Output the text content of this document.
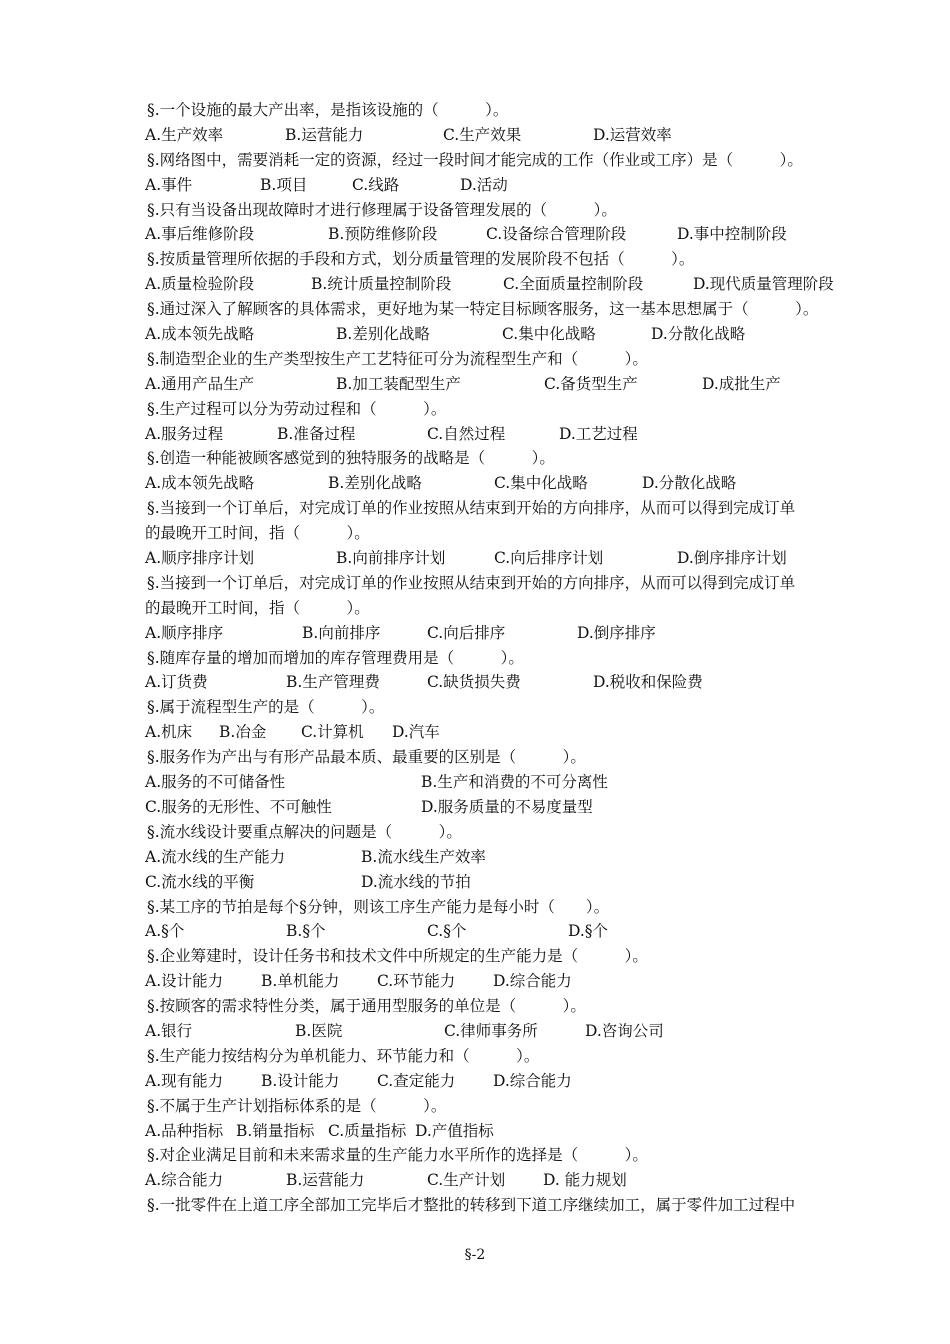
§.一个设施的最大产出率，是指该设施的（　　　）。
A.生产效率	B.运营能力	C.生产效果	D.运营效率
§.网络图中，需要消耗一定的资源，经过一段时间才能完成的工作（作业或工序）是（　　　）。
A.事件	B.项目	C.线路	D.活动
§.只有当设备出现故障时才进行修理属于设备管理发展的（　　　）。
A.事后维修阶段	B.预防维修阶段	C.设备综合管理阶段	D.事中控制阶段
§.按质量管理所依据的手段和方式，划分质量管理的发展阶段不包括（　　　）。
A.质量检验阶段	B.统计质量控制阶段	C.全面质量控制阶段	D.现代质量管理阶段
§.通过深入了解顾客的具体需求，更好地为某一特定目标顾客服务，这一基本思想属于（　　　）。
A.成本领先战略	B.差别化战略	C.集中化战略	D.分散化战略
§.制造型企业的生产类型按生产工艺特征可分为流程型生产和（　　　）。
A.通用产品生产	B.加工装配型生产	C.备货型生产	D.成批生产
§.生产过程可以分为劳动过程和（　　　）。
A.服务过程	B.准备过程	C.自然过程	D.工艺过程
§.创造一种能被顾客感觉到的独特服务的战略是（　　　）。
A.成本领先战略	B.差别化战略	C.集中化战略	D.分散化战略
§.当接到一个订单后，对完成订单的作业按照从结束到开始的方向排序，从而可以得到完成订单
的最晚开工时间，指（　　　）。
A.顺序排序计划	B.向前排序计划	C.向后排序计划	D.倒序排序计划
§.当接到一个订单后，对完成订单的作业按照从结束到开始的方向排序，从而可以得到完成订单
的最晚开工时间，指（　　　）。
A.顺序排序	B.向前排序	C.向后排序	D.倒序排序
§.随库存量的增加而增加的库存管理费用是（　　　）。
A.订货费	B.生产管理费	C.缺货损失费	D.税收和保险费
§.属于流程型生产的是（　　　）。
A.机床 B.冶金 C.计算机 D.汽车
§.服务作为产出与有形产品最本质、最重要的区别是（　　　）。
A.服务的不可储备性	B.生产和消费的不可分离性
C.服务的无形性、不可触性	D.服务质量的不易度量型
§.流水线设计要重点解决的问题是（　　　）。
A.流水线的生产能力	B.流水线生产效率
C.流水线的平衡	D.流水线的节拍
§.某工序的节拍是每个§分钟，则该工序生产能力是每小时（　　）。
A.§个	B.§个	C.§个	D.§个
§.企业筹建时，设计任务书和技术文件中所规定的生产能力是（　　　）。
A.设计能力 B.单机能力 C.环节能力 D.综合能力
§.按顾客的需求特性分类，属于通用型服务的单位是（　　　）。
A.银行	B.医院	C.律师事务所	D.咨询公司
§.生产能力按结构分为单机能力、环节能力和（　　　）。
A.现有能力 B.设计能力 C.查定能力 D.综合能力
§.不属于生产计划指标体系的是（　　　）。
A.品种指标 B.销量指标 C.质量指标 D.产值指标
§.对企业满足目前和未来需求量的生产能力水平所作的选择是（　　　）。
A.综合能力	B.运营能力	C.生产计划 D. 能力规划
§.一批零件在上道工序全部加工完毕后才整批的转移到下道工序继续加工，属于零件加工过程中
§-2
